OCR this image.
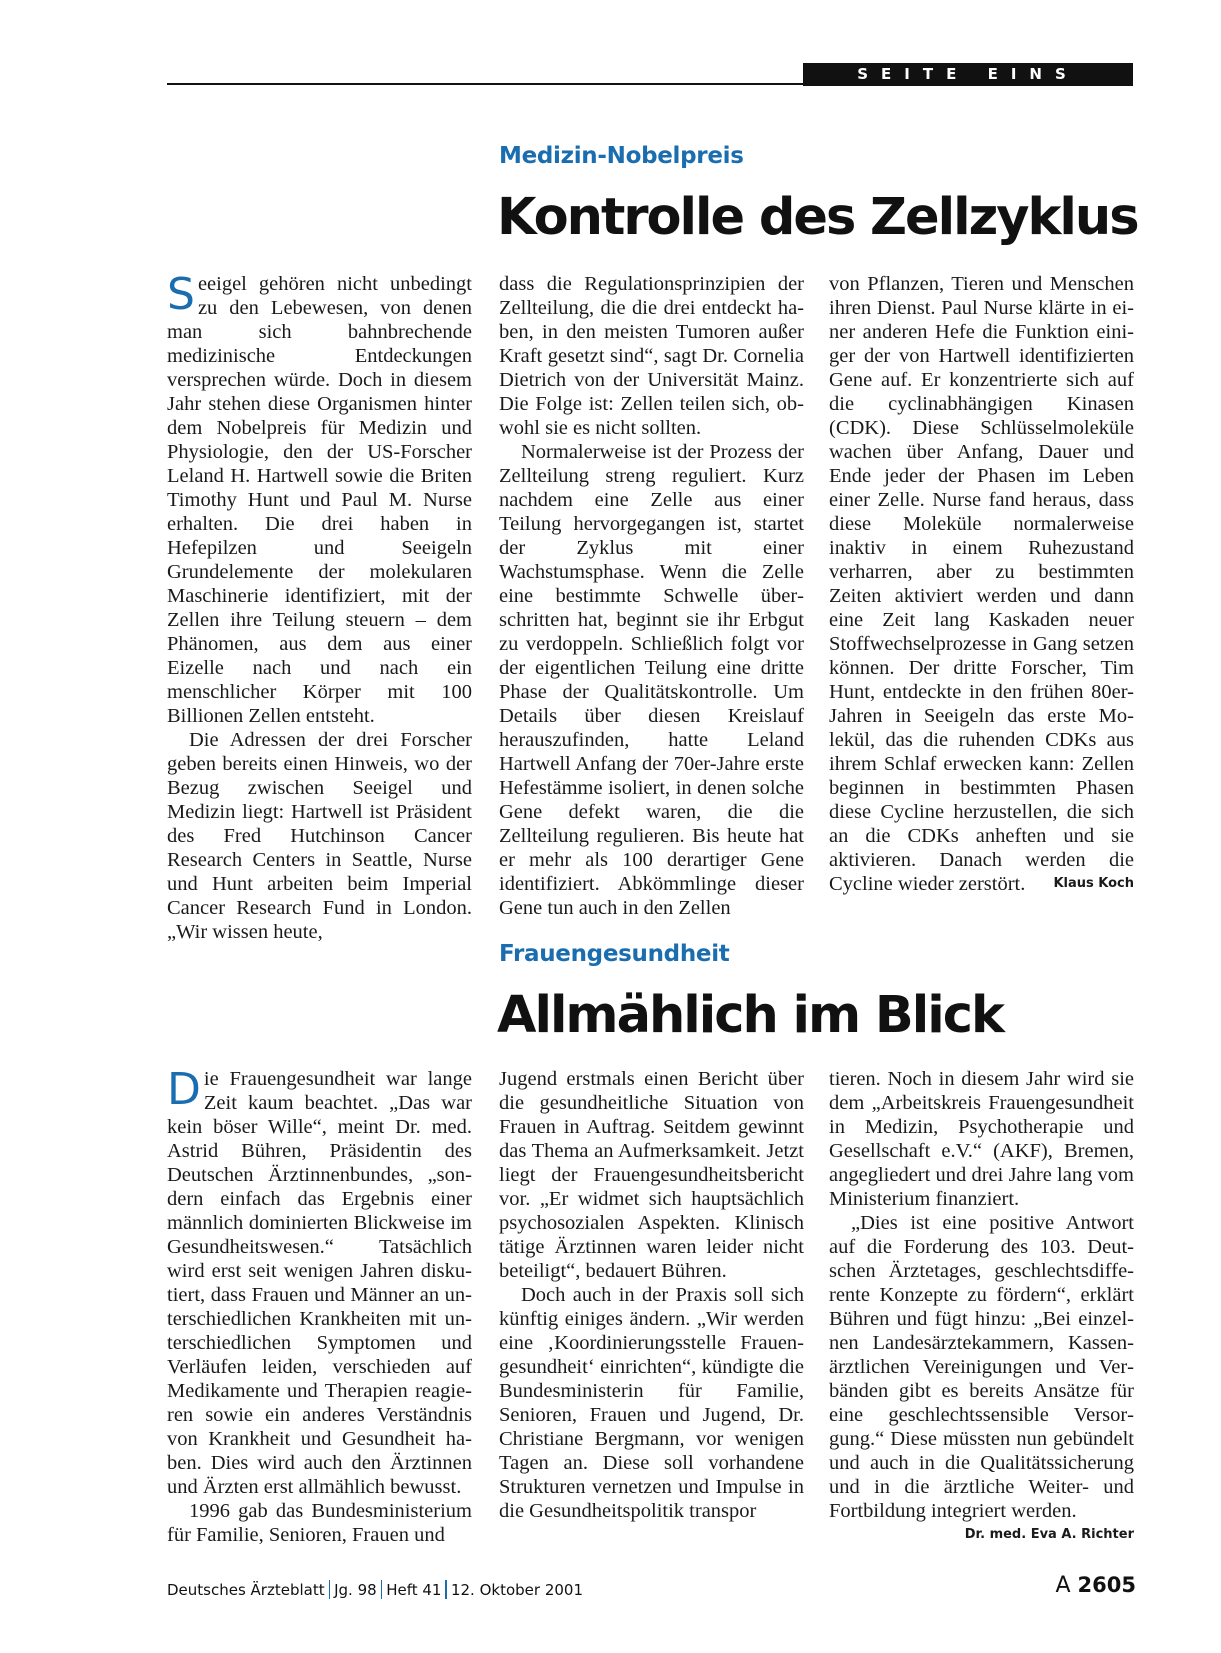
SEITE EINS
Medizin-Nobelpreis
Kontrolle des Zellzyklus

Seeigel gehören nicht unbedingt zu den Lebewesen, von denen man sich bahnbrechende medizinische Entdeckungen versprechen würde. Doch in diesem Jahr stehen diese Organismen hinter dem Nobelpreis für Medizin und Physiologie, den der US-Forscher Leland H. Hartwell sowie die Briten Timothy Hunt und Paul M. Nurse erhalten. Die drei haben in Hefepilzen und Seeigeln Grundelemente der molekularen Maschinerie identifiziert, mit der Zellen ihre Teilung steuern – dem Phänomen, aus dem aus einer Eizelle nach und nach ein menschlicher Körper mit 100 Billionen Zellen entsteht.

Die Adressen der drei Forscher geben bereits einen Hinweis, wo der Bezug zwischen Seeigel und Medizin liegt: Hartwell ist Präsident des Fred Hutchinson Cancer Research Centers in Seattle, Nurse und Hunt arbeiten beim Imperial Cancer Research Fund in London. „Wir wissen heute,

dass die Regulationsprinzipien der Zellteilung, die die drei entdeckt haben, in den meisten Tumoren außer Kraft gesetzt sind“, sagt Dr. Cornelia Dietrich von der Universität Mainz. Die Folge ist: Zellen teilen sich, obwohl sie es nicht sollten.

Normalerweise ist der Prozess der Zellteilung streng reguliert. Kurz nachdem eine Zelle aus einer Teilung hervorgegangen ist, startet der Zyklus mit einer Wachstumsphase. Wenn die Zelle eine bestimmte Schwelle überschritten hat, beginnt sie ihr Erbgut zu verdoppeln. Schließlich folgt vor der eigentlichen Teilung eine dritte Phase der Qualitätskontrolle. Um Details über diesen Kreislauf herauszufinden, hatte Leland Hartwell Anfang der 70er-Jahre erste Hefestämme isoliert, in denen solche Gene defekt waren, die die Zellteilung regulieren. Bis heute hat er mehr als 100 derartiger Gene identifiziert. Abkömmlinge dieser Gene tun auch in den Zellen

von Pflanzen, Tieren und Menschen ihren Dienst. Paul Nurse klärte in einer anderen Hefe die Funktion einiger der von Hartwell identifizierten Gene auf. Er konzentrierte sich auf die cyclinabhängigen Kinasen (CDK). Diese Schlüsselmoleküle wachen über Anfang, Dauer und Ende jeder der Phasen im Leben einer Zelle. Nurse fand heraus, dass diese Moleküle normalerweise inaktiv in einem Ruhezustand verharren, aber zu bestimmten Zeiten aktiviert werden und dann eine Zeit lang Kaskaden neuer Stoffwechselprozesse in Gang setzen können. Der dritte Forscher, Tim Hunt, entdeckte in den frühen 80er-Jahren in Seeigeln das erste Molekül, das die ruhenden CDKs aus ihrem Schlaf erwecken kann: Zellen beginnen in bestimmten Phasen diese Cycline herzustellen, die sich an die CDKs anheften und sie aktivieren. Danach werden die Cycline wieder zerstört. Klaus Koch

Frauengesundheit
Allmählich im Blick

Die Frauengesundheit war lange Zeit kaum beachtet. „Das war kein böser Wille“, meint Dr. med. Astrid Bühren, Präsidentin des Deutschen Ärztinnenbundes, „sondern einfach das Ergebnis einer männlich dominierten Blickweise im Gesundheitswesen.“ Tatsächlich wird erst seit wenigen Jahren diskutiert, dass Frauen und Männer an unterschiedlichen Krankheiten mit unterschiedlichen Symptomen und Verläufen leiden, verschieden auf Medikamente und Therapien reagieren sowie ein anderes Verständnis von Krankheit und Gesundheit haben. Dies wird auch den Ärztinnen und Ärzten erst allmählich bewusst.

1996 gab das Bundesministerium für Familie, Senioren, Frauen und

Jugend erstmals einen Bericht über die gesundheitliche Situation von Frauen in Auftrag. Seitdem gewinnt das Thema an Aufmerksamkeit. Jetzt liegt der Frauengesundheitsbericht vor. „Er widmet sich hauptsächlich psychosozialen Aspekten. Klinisch tätige Ärztinnen waren leider nicht beteiligt“, bedauert Bühren.

Doch auch in der Praxis soll sich künftig einiges ändern. „Wir werden eine ‚Koordinierungsstelle Frauengesundheit‘ einrichten“, kündigte die Bundesministerin für Familie, Senioren, Frauen und Jugend, Dr. Christiane Bergmann, vor wenigen Tagen an. Diese soll vorhandene Strukturen vernetzen und Impulse in die Gesundheitspolitik transpor

tieren. Noch in diesem Jahr wird sie dem „Arbeitskreis Frauengesundheit in Medizin, Psychotherapie und Gesellschaft e.V.“ (AKF), Bremen, angegliedert und drei Jahre lang vom Ministerium finanziert.

„Dies ist eine positive Antwort auf die Forderung des 103. Deutschen Ärztetages, geschlechtsdifferente Konzepte zu fördern“, erklärt Bühren und fügt hinzu: „Bei einzelnen Landesärztekammern, Kassenärztlichen Vereinigungen und Verbänden gibt es bereits Ansätze für eine geschlechtssensible Versorgung.“ Diese müssten nun gebündelt und auch in die Qualitätssicherung und in die ärztliche Weiter- und Fortbildung integriert werden.
Dr. med. Eva A. Richter

Deutsches Ärzteblatt Jg. 98 Heft 41 12. Oktober 2001	A 2605
